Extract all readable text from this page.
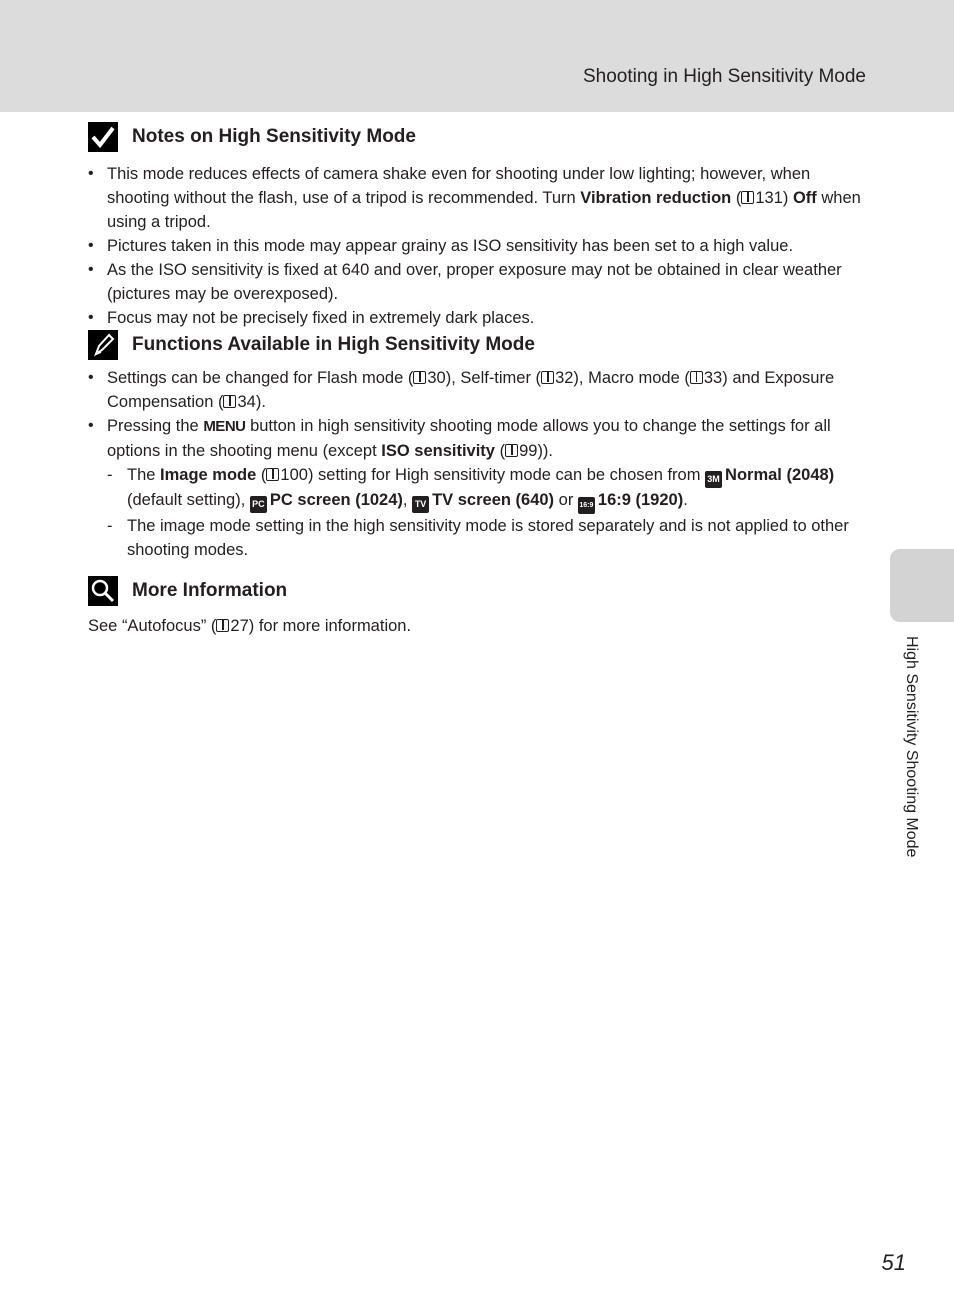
Shooting in High Sensitivity Mode
High Sensitivity Shooting Mode
Notes on High Sensitivity Mode
• This mode reduces effects of camera shake even for shooting under low lighting; however, when shooting without the flash, use of a tripod is recommended. Turn Vibration reduction ( 131) Off when using a tripod.
• Pictures taken in this mode may appear grainy as ISO sensitivity has been set to a high value.
• As the ISO sensitivity is fixed at 640 and over, proper exposure may not be obtained in clear weather (pictures may be overexposed).
• Focus may not be precisely fixed in extremely dark places.
Functions Available in High Sensitivity Mode
• Settings can be changed for Flash mode ( 30), Self-timer ( 32), Macro mode ( 33) and Exposure Compensation ( 34).
• Pressing the MENU button in high sensitivity shooting mode allows you to change the settings for all options in the shooting menu (except ISO sensitivity ( 99)).
- The Image mode ( 100) setting for High sensitivity mode can be chosen from 3M Normal (2048) (default setting), PC PC screen (1024), TV TV screen (640) or 16:9 16:9 (1920).
- The image mode setting in the high sensitivity mode is stored separately and is not applied to other shooting modes.
More Information

See “Autofocus” ( 27) for more information.

51
